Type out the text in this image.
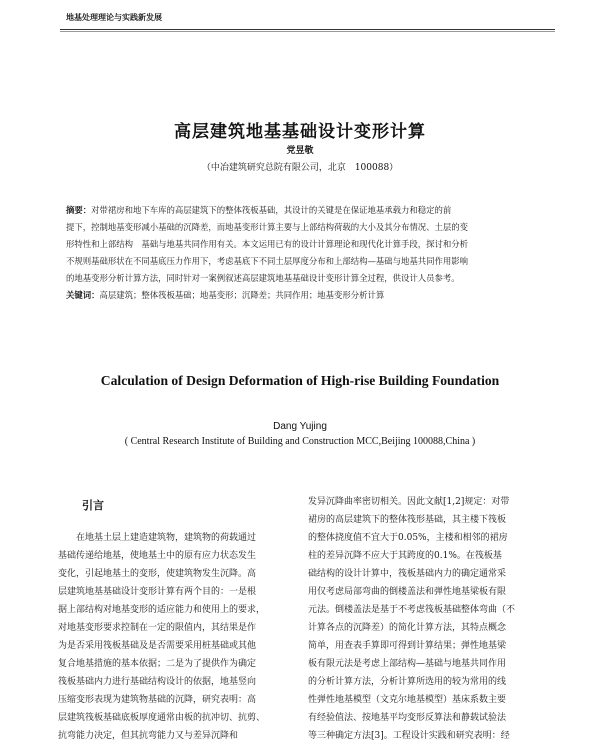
地基处理理论与实践新发展
高层建筑地基基础设计变形计算
党昱敬
（中冶建筑研究总院有限公司，北京　100088）
摘要：对带裙房和地下车库的高层建筑下的整体筏板基础，其设计的关键是在保证地基承载力和稳定的前
提下，控制地基变形减小基础的沉降差，而地基变形计算主要与上部结构荷载的大小及其分布情况、土层的变
形特性和上部结构　基础与地基共同作用有关。本文运用已有的设计计算理论和现代化计算手段，探讨和分析
不规则基础形状在不同基底压力作用下，考虑基底下不同土层厚度分布和上部结构—基础与地基共同作用影响
的地基变形分析计算方法，同时针对一案例叙述高层建筑地基基础设计变形计算全过程，供设计人员参考。
关键词：高层建筑；整体筏板基础；地基变形；沉降差；共同作用；地基变形分析计算
Calculation of Design Deformation of High-rise Building Foundation
Dang Yujing
( Central Research Institute of Building and Construction MCC,Beijing 100088,China )
引言
　　在地基土层上建造建筑物，建筑物的荷载通过
基础传递给地基，使地基土中的原有应力状态发生
变化，引起地基土的变形，使建筑物发生沉降。高
层建筑地基基础设计变形计算有两个目的：一是根
据上部结构对地基变形的适应能力和使用上的要求，
对地基变形要求控制在一定的限值内，其结果是作
为是否采用筏板基础及是否需要采用桩基础或其他
复合地基措施的基本依据；二是为了提供作为确定
筏板基础内力进行基础结构设计的依据，地基竖向
压缩变形表现为建筑物基础的沉降，研究表明：高
层建筑筏板基础底板厚度通常由板的抗冲切、抗剪、
抗弯能力决定，但其抗弯能力又与差异沉降和
发异沉降曲率密切相关。因此文献[1,2]规定：对带
裙房的高层建筑下的整体筏形基础，其主楼下筏板
的整体挠度值不宜大于0.05%，主楼和相邻的裙房
柱的差异沉降不应大于其跨度的0.1%。在筏板基
础结构的设计计算中，筏板基础内力的确定通常采
用仅考虑局部弯曲的倒楼盖法和弹性地基梁板有限
元法。倒楼盖法是基于不考虑筏板基础整体弯曲（不
计算各点的沉降差）的简化计算方法，其特点概念
简单，用查表手算即可得到计算结果；弹性地基梁
板有限元法是考虑上部结构—基础与地基共同作用
的分析计算方法，分析计算所选用的较为常用的线
性弹性地基模型（文克尔地基模型）基床系数主要
有经验值法、按地基平均变形反算法和静载试验法
等三种确定方法[3]。工程设计实践和研究表明：经
